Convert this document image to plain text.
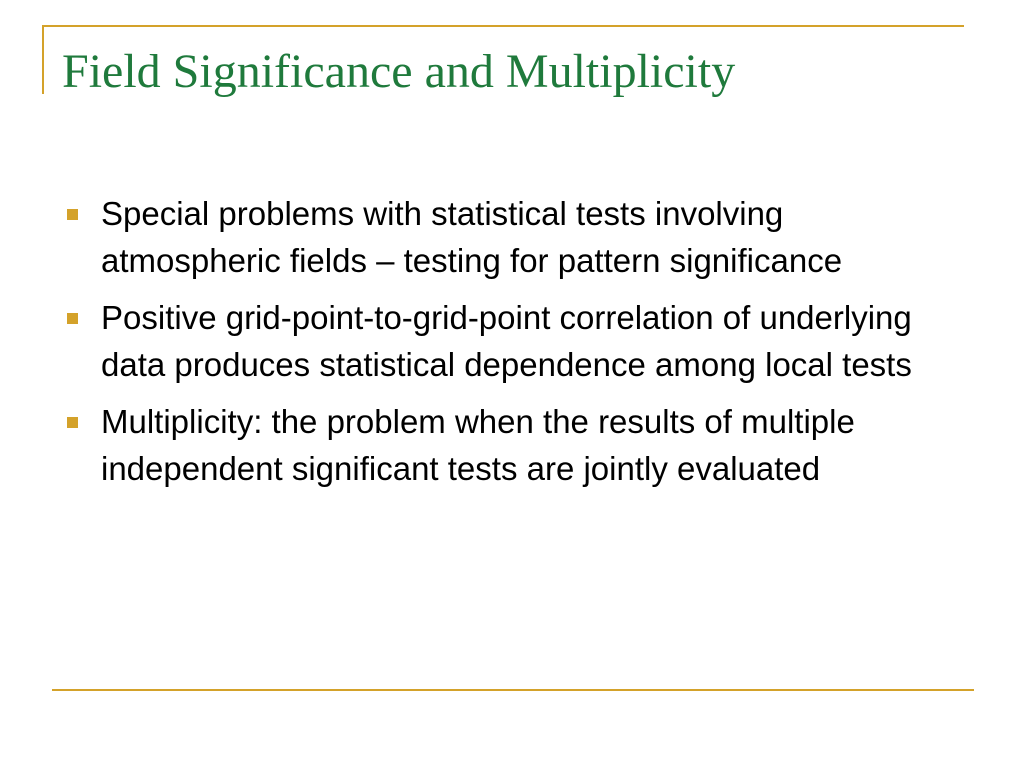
Field Significance and Multiplicity
Special problems with statistical tests involving atmospheric fields – testing for pattern significance
Positive grid-point-to-grid-point correlation of underlying data produces statistical dependence among local tests
Multiplicity: the problem when the results of multiple independent significant tests are jointly evaluated
